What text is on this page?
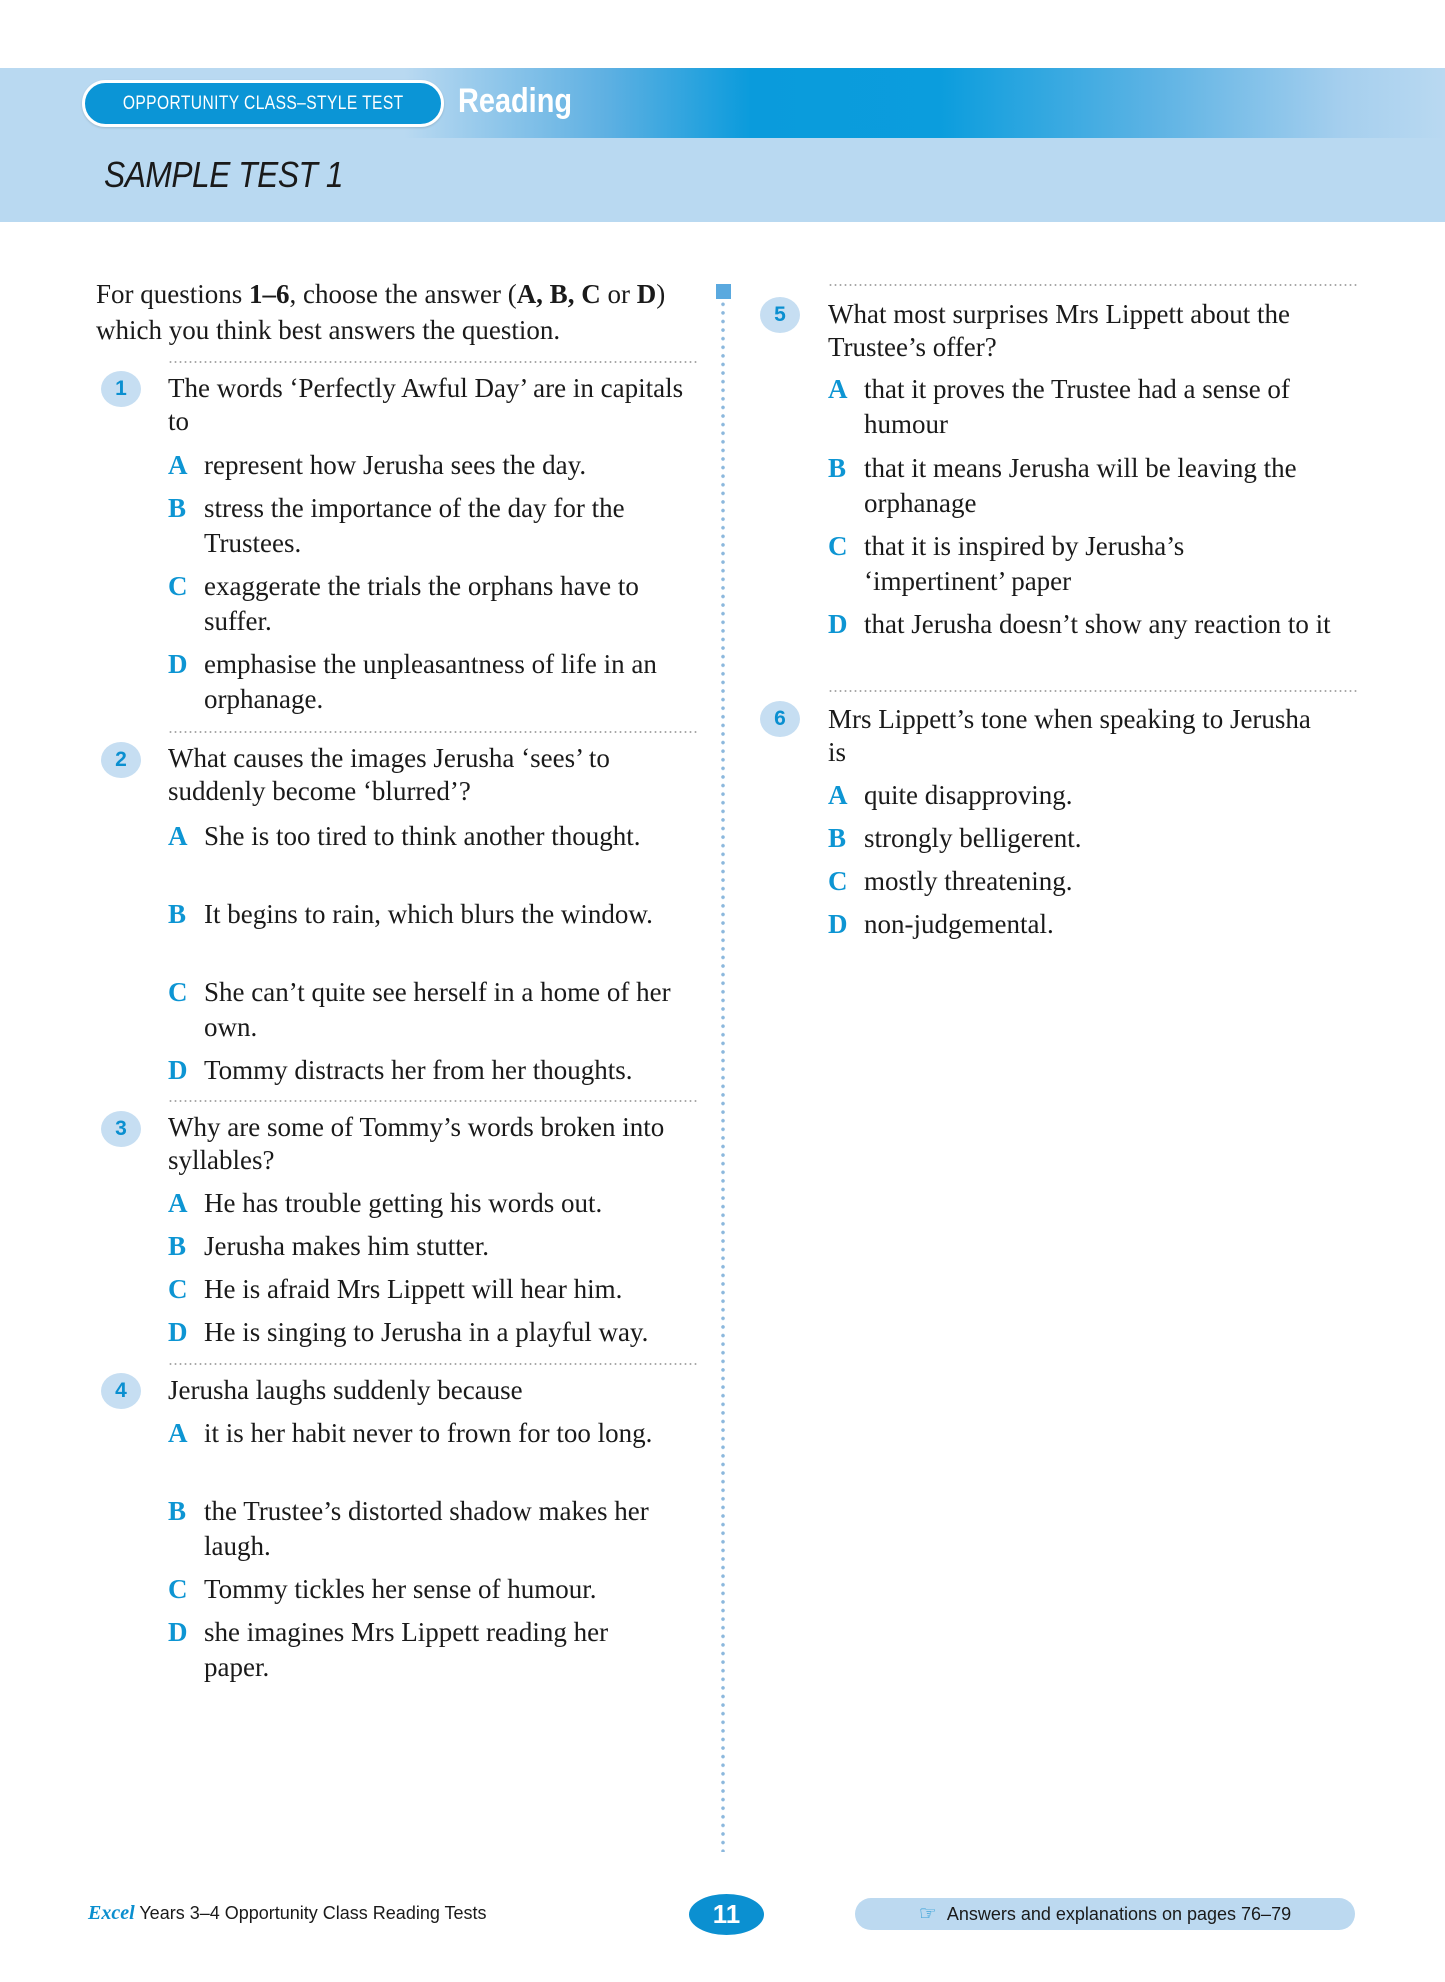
OPPORTUNITY CLASS–STYLE TEST Reading
SAMPLE TEST 1
For questions 1–6, choose the answer (A, B, C or D) which you think best answers the question.
1 The words ‘Perfectly Awful Day’ are in capitals to
A represent how Jerusha sees the day.
B stress the importance of the day for the Trustees.
C exaggerate the trials the orphans have to suffer.
D emphasise the unpleasantness of life in an orphanage.
2 What causes the images Jerusha ‘sees’ to suddenly become ‘blurred’?
A She is too tired to think another thought.
B It begins to rain, which blurs the window.
C She can’t quite see herself in a home of her own.
D Tommy distracts her from her thoughts.
3 Why are some of Tommy’s words broken into syllables?
A He has trouble getting his words out.
B Jerusha makes him stutter.
C He is afraid Mrs Lippett will hear him.
D He is singing to Jerusha in a playful way.
4 Jerusha laughs suddenly because
A it is her habit never to frown for too long.
B the Trustee’s distorted shadow makes her laugh.
C Tommy tickles her sense of humour.
D she imagines Mrs Lippett reading her paper.
5 What most surprises Mrs Lippett about the Trustee’s offer?
A that it proves the Trustee had a sense of humour
B that it means Jerusha will be leaving the orphanage
C that it is inspired by Jerusha’s ‘impertinent’ paper
D that Jerusha doesn’t show any reaction to it
6 Mrs Lippett’s tone when speaking to Jerusha is
A quite disapproving.
B strongly belligerent.
C mostly threatening.
D non-judgemental.
Excel Years 3–4 Opportunity Class Reading Tests	11	☞ Answers and explanations on pages 76–79
